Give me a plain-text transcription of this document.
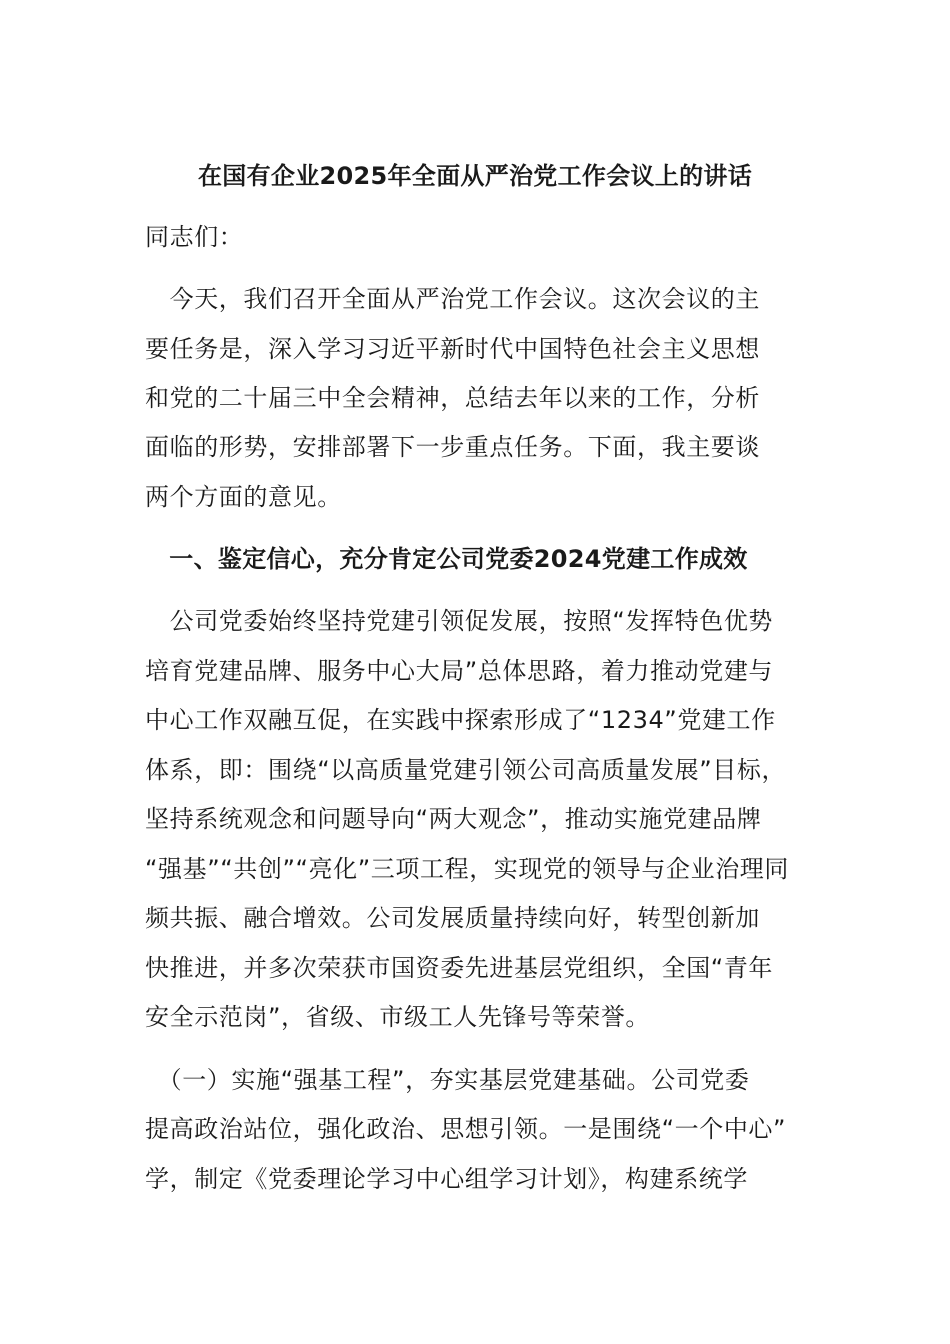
在国有企业2025年全面从严治党工作会议上的讲话
同志们：
　今天，我们召开全面从严治党工作会议。这次会议的主
要任务是，深入学习习近平新时代中国特色社会主义思想
和党的二十届三中全会精神，总结去年以来的工作，分析
面临的形势，安排部署下一步重点任务。下面，我主要谈
两个方面的意见。
　一、鉴定信心，充分肯定公司党委2024党建工作成效
　公司党委始终坚持党建引领促发展，按照“发挥特色优势
培育党建品牌、服务中心大局”总体思路，着力推动党建与
中心工作双融互促，在实践中探索形成了“1234”党建工作
体系，即：围绕“以高质量党建引领公司高质量发展”目标，
坚持系统观念和问题导向“两大观念”，推动实施党建品牌
“强基”“共创”“亮化”三项工程，实现党的领导与企业治理同
频共振、融合增效。公司发展质量持续向好，转型创新加
快推进，并多次荣获市国资委先进基层党组织，全国“青年
安全示范岗”，省级、市级工人先锋号等荣誉。
　（一）实施“强基工程”，夯实基层党建基础。公司党委
提高政治站位，强化政治、思想引领。一是围绕“一个中心”
学，制定《党委理论学习中心组学习计划》，构建系统学
